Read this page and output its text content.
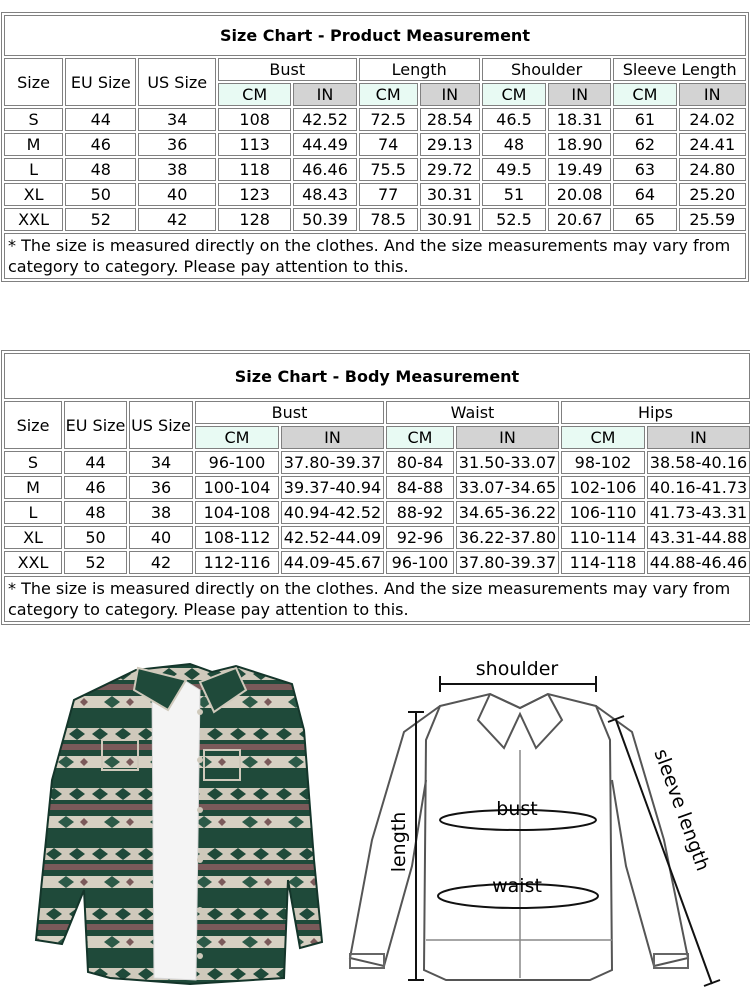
Size Chart - Product Measurement										
Size	EU Size	US Size	Bust		Length		Shoulder		Sleeve Length	
			CM	IN	CM	IN	CM	IN	CM	IN
S	44	34	108	42.52	72.5	28.54	46.5	18.31	61	24.02
M	46	36	113	44.49	74	29.13	48	18.90	62	24.41
L	48	38	118	46.46	75.5	29.72	49.5	19.49	63	24.80
XL	50	40	123	48.43	77	30.31	51	20.08	64	25.20
XXL	52	42	128	50.39	78.5	30.91	52.5	20.67	65	25.59
* The size is measured directly on the clothes. And the size measurements may vary from category to category. Please pay attention to this.										
Size Chart - Body Measurement								
Size	EU Size	US Size	Bust		Waist		Hips	
			CM	IN	CM	IN	CM	IN
S	44	34	96-100	37.80-39.37	80-84	31.50-33.07	98-102	38.58-40.16
M	46	36	100-104	39.37-40.94	84-88	33.07-34.65	102-106	40.16-41.73
L	48	38	104-108	40.94-42.52	88-92	34.65-36.22	106-110	41.73-43.31
XL	50	40	108-112	42.52-44.09	92-96	36.22-37.80	110-114	43.31-44.88
XXL	52	42	112-116	44.09-45.67	96-100	37.80-39.37	114-118	44.88-46.46
* The size is measured directly on the clothes. And the size measurements may vary from category to category. Please pay attention to this.								
shoulder
bust
waist
length	sleeve length
